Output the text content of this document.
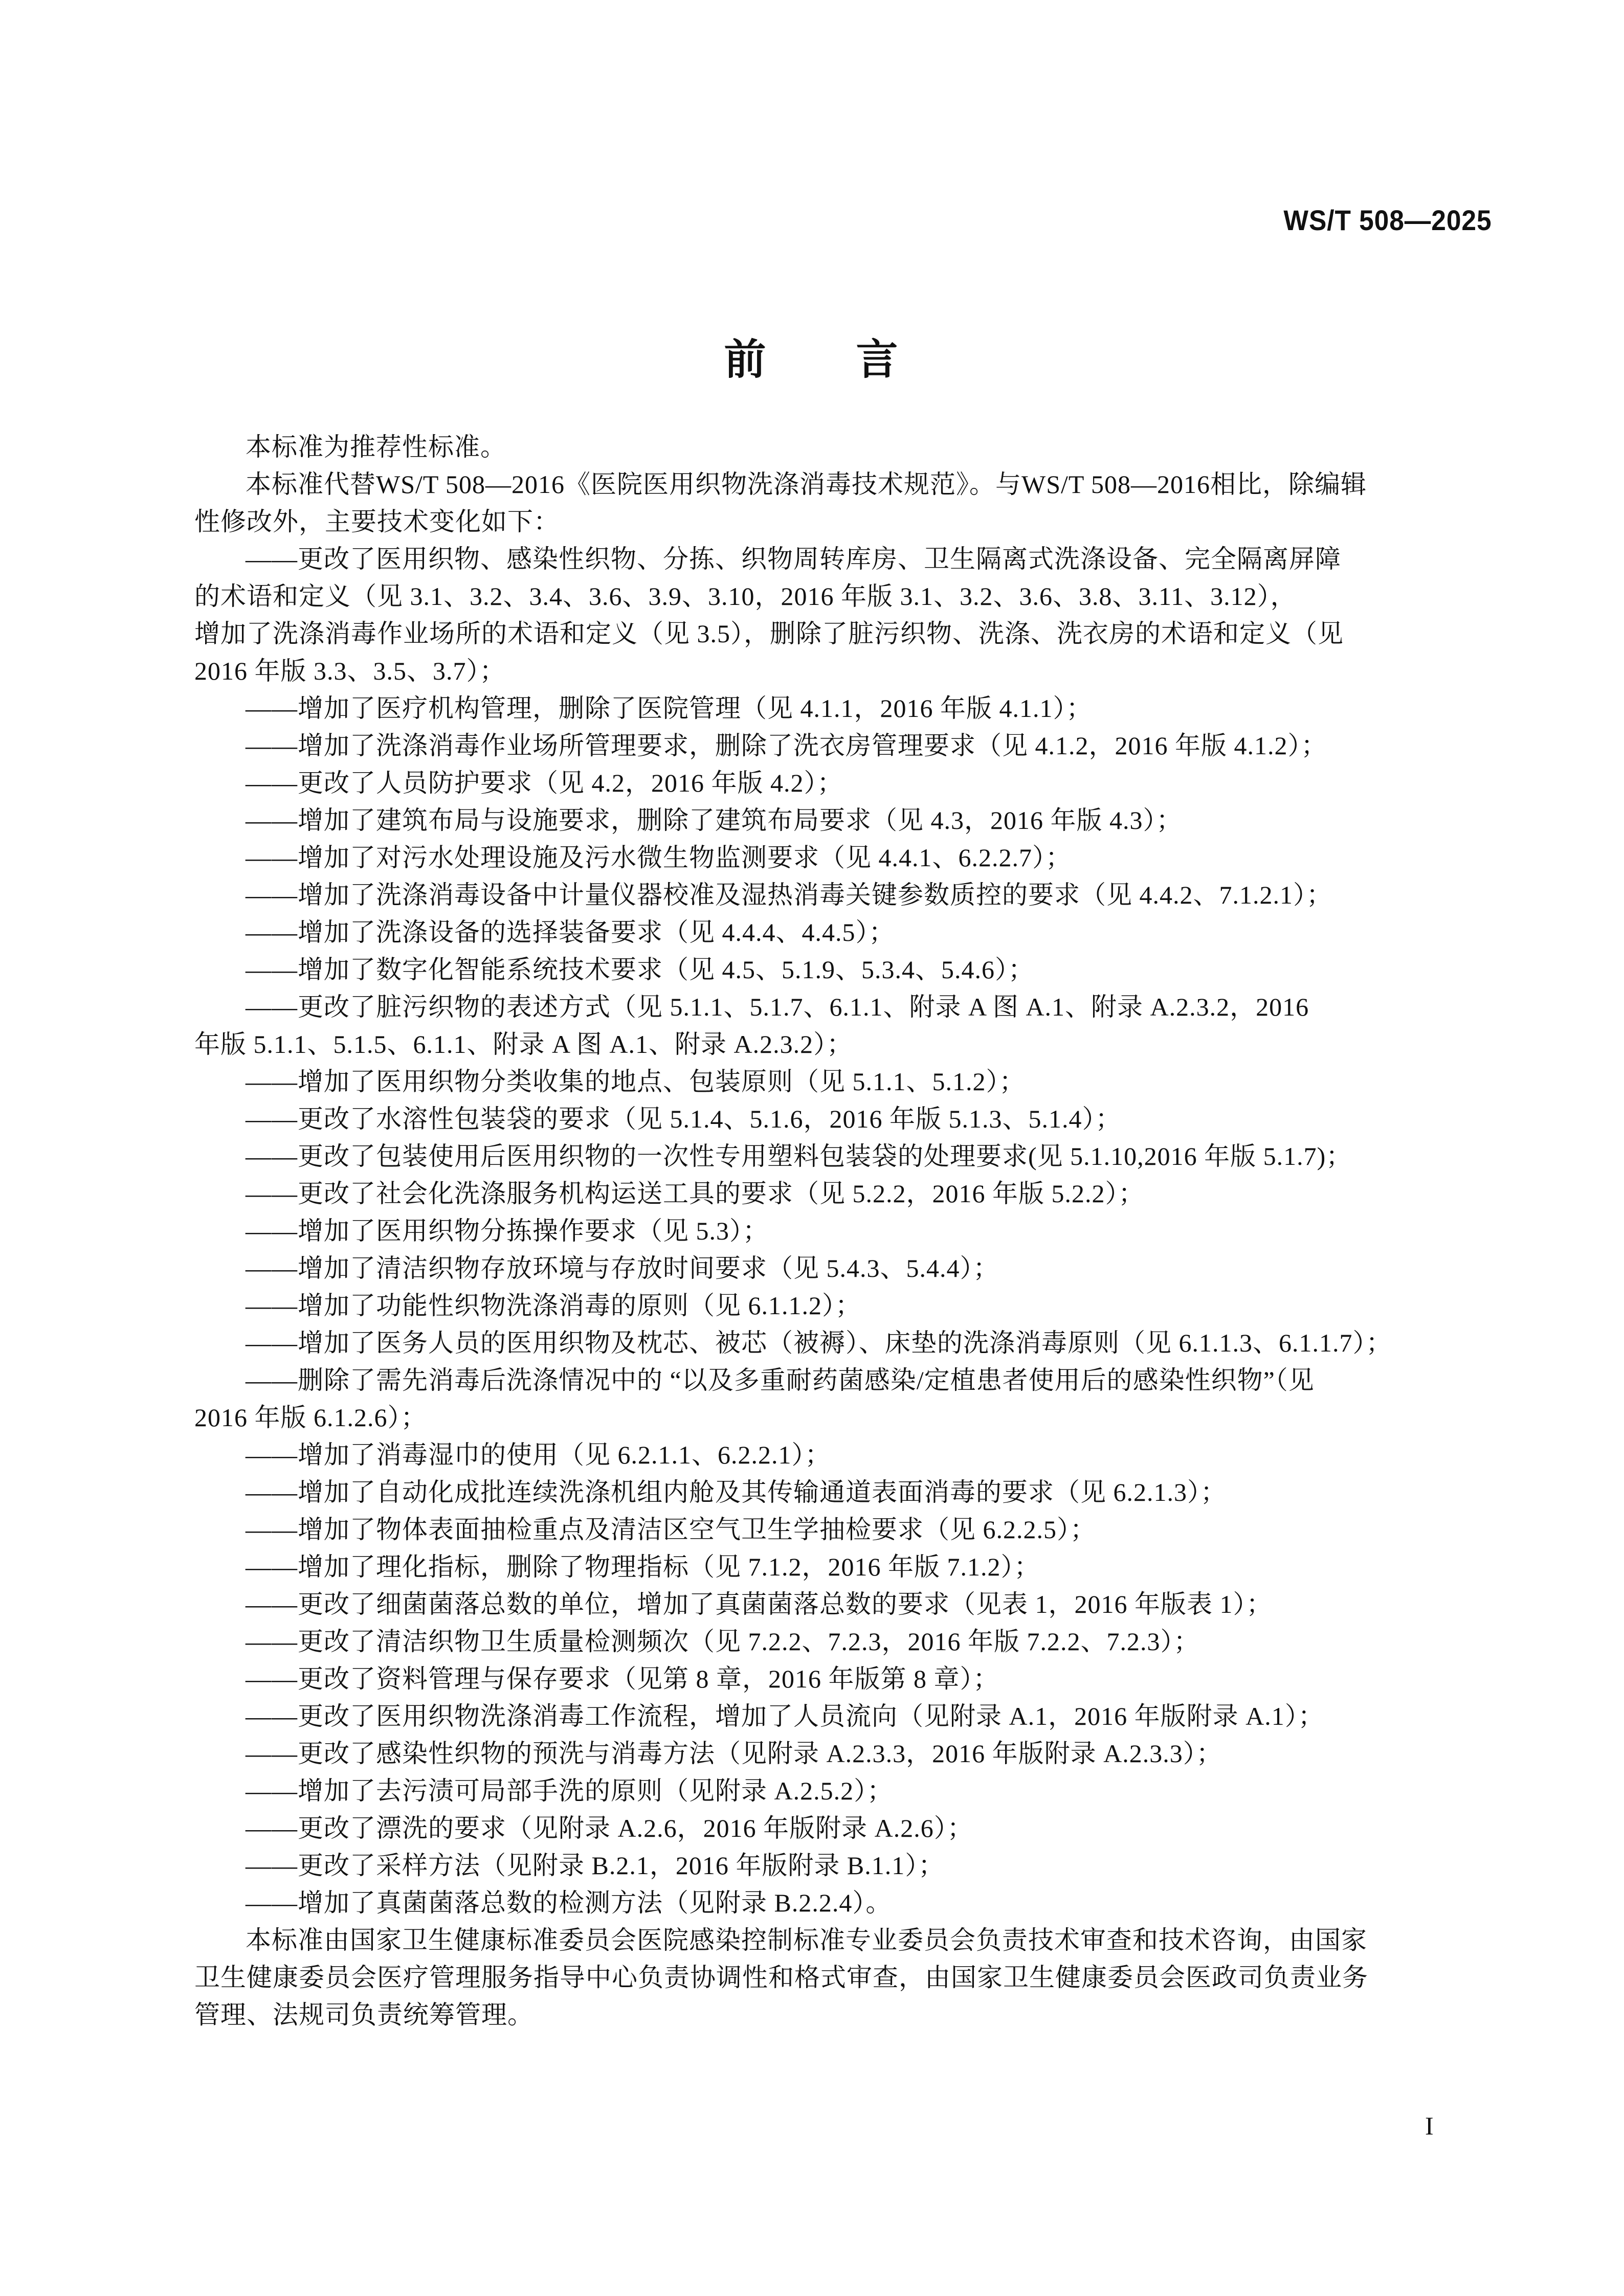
WS/T 508—2025
前　　言

本标准为推荐性标准。

本标准代替WS/T 508—2016《医院医用织物洗涤消毒技术规范》。与WS/T 508—2016相比，除编辑

性修改外，主要技术变化如下：

——更改了医用织物、感染性织物、分拣、织物周转库房、卫生隔离式洗涤设备、完全隔离屏障

的术语和定义（见 3.1、3.2、3.4、3.6、3.9、3.10，2016 年版 3.1、3.2、3.6、3.8、3.11、3.12），

增加了洗涤消毒作业场所的术语和定义（见 3.5），删除了脏污织物、洗涤、洗衣房的术语和定义（见

2016 年版 3.3、3.5、3.7）；

——增加了医疗机构管理，删除了医院管理（见 4.1.1，2016 年版 4.1.1）；

——增加了洗涤消毒作业场所管理要求，删除了洗衣房管理要求（见 4.1.2，2016 年版 4.1.2）；

——更改了人员防护要求（见 4.2，2016 年版 4.2）；

——增加了建筑布局与设施要求，删除了建筑布局要求（见 4.3，2016 年版 4.3）；

——增加了对污水处理设施及污水微生物监测要求（见 4.4.1、6.2.2.7）；

——增加了洗涤消毒设备中计量仪器校准及湿热消毒关键参数质控的要求（见 4.4.2、7.1.2.1）；

——增加了洗涤设备的选择装备要求（见 4.4.4、4.4.5）；

——增加了数字化智能系统技术要求（见 4.5、5.1.9、5.3.4、5.4.6）；

——更改了脏污织物的表述方式（见 5.1.1、5.1.7、6.1.1、附录 A 图 A.1、附录 A.2.3.2，2016

年版 5.1.1、5.1.5、6.1.1、附录 A 图 A.1、附录 A.2.3.2）；

——增加了医用织物分类收集的地点、包装原则（见 5.1.1、5.1.2）；

——更改了水溶性包装袋的要求（见 5.1.4、5.1.6，2016 年版 5.1.3、5.1.4）；

——更改了包装使用后医用织物的一次性专用塑料包装袋的处理要求(见 5.1.10,2016 年版 5.1.7)；

——更改了社会化洗涤服务机构运送工具的要求（见 5.2.2，2016 年版 5.2.2）；

——增加了医用织物分拣操作要求（见 5.3）；

——增加了清洁织物存放环境与存放时间要求（见 5.4.3、5.4.4）；

——增加了功能性织物洗涤消毒的原则（见 6.1.1.2）；

——增加了医务人员的医用织物及枕芯、被芯（被褥）、床垫的洗涤消毒原则（见 6.1.1.3、6.1.1.7）；

——删除了需先消毒后洗涤情况中的 “以及多重耐药菌感染/定植患者使用后的感染性织物”（见

2016 年版 6.1.2.6）；

——增加了消毒湿巾的使用（见 6.2.1.1、6.2.2.1）；

——增加了自动化成批连续洗涤机组内舱及其传输通道表面消毒的要求（见 6.2.1.3）；

——增加了物体表面抽检重点及清洁区空气卫生学抽检要求（见 6.2.2.5）；

——增加了理化指标，删除了物理指标（见 7.1.2，2016 年版 7.1.2）；

——更改了细菌菌落总数的单位，增加了真菌菌落总数的要求（见表 1，2016 年版表 1）；

——更改了清洁织物卫生质量检测频次（见 7.2.2、7.2.3，2016 年版 7.2.2、7.2.3）；

——更改了资料管理与保存要求（见第 8 章，2016 年版第 8 章）；

——更改了医用织物洗涤消毒工作流程，增加了人员流向（见附录 A.1，2016 年版附录 A.1）；

——更改了感染性织物的预洗与消毒方法（见附录 A.2.3.3，2016 年版附录 A.2.3.3）；

——增加了去污渍可局部手洗的原则（见附录 A.2.5.2）；

——更改了漂洗的要求（见附录 A.2.6，2016 年版附录 A.2.6）；

——更改了采样方法（见附录 B.2.1，2016 年版附录 B.1.1）；

——增加了真菌菌落总数的检测方法（见附录 B.2.2.4）。

本标准由国家卫生健康标准委员会医院感染控制标准专业委员会负责技术审查和技术咨询，由国家

卫生健康委员会医疗管理服务指导中心负责协调性和格式审查，由国家卫生健康委员会医政司负责业务

管理、法规司负责统筹管理。

I
